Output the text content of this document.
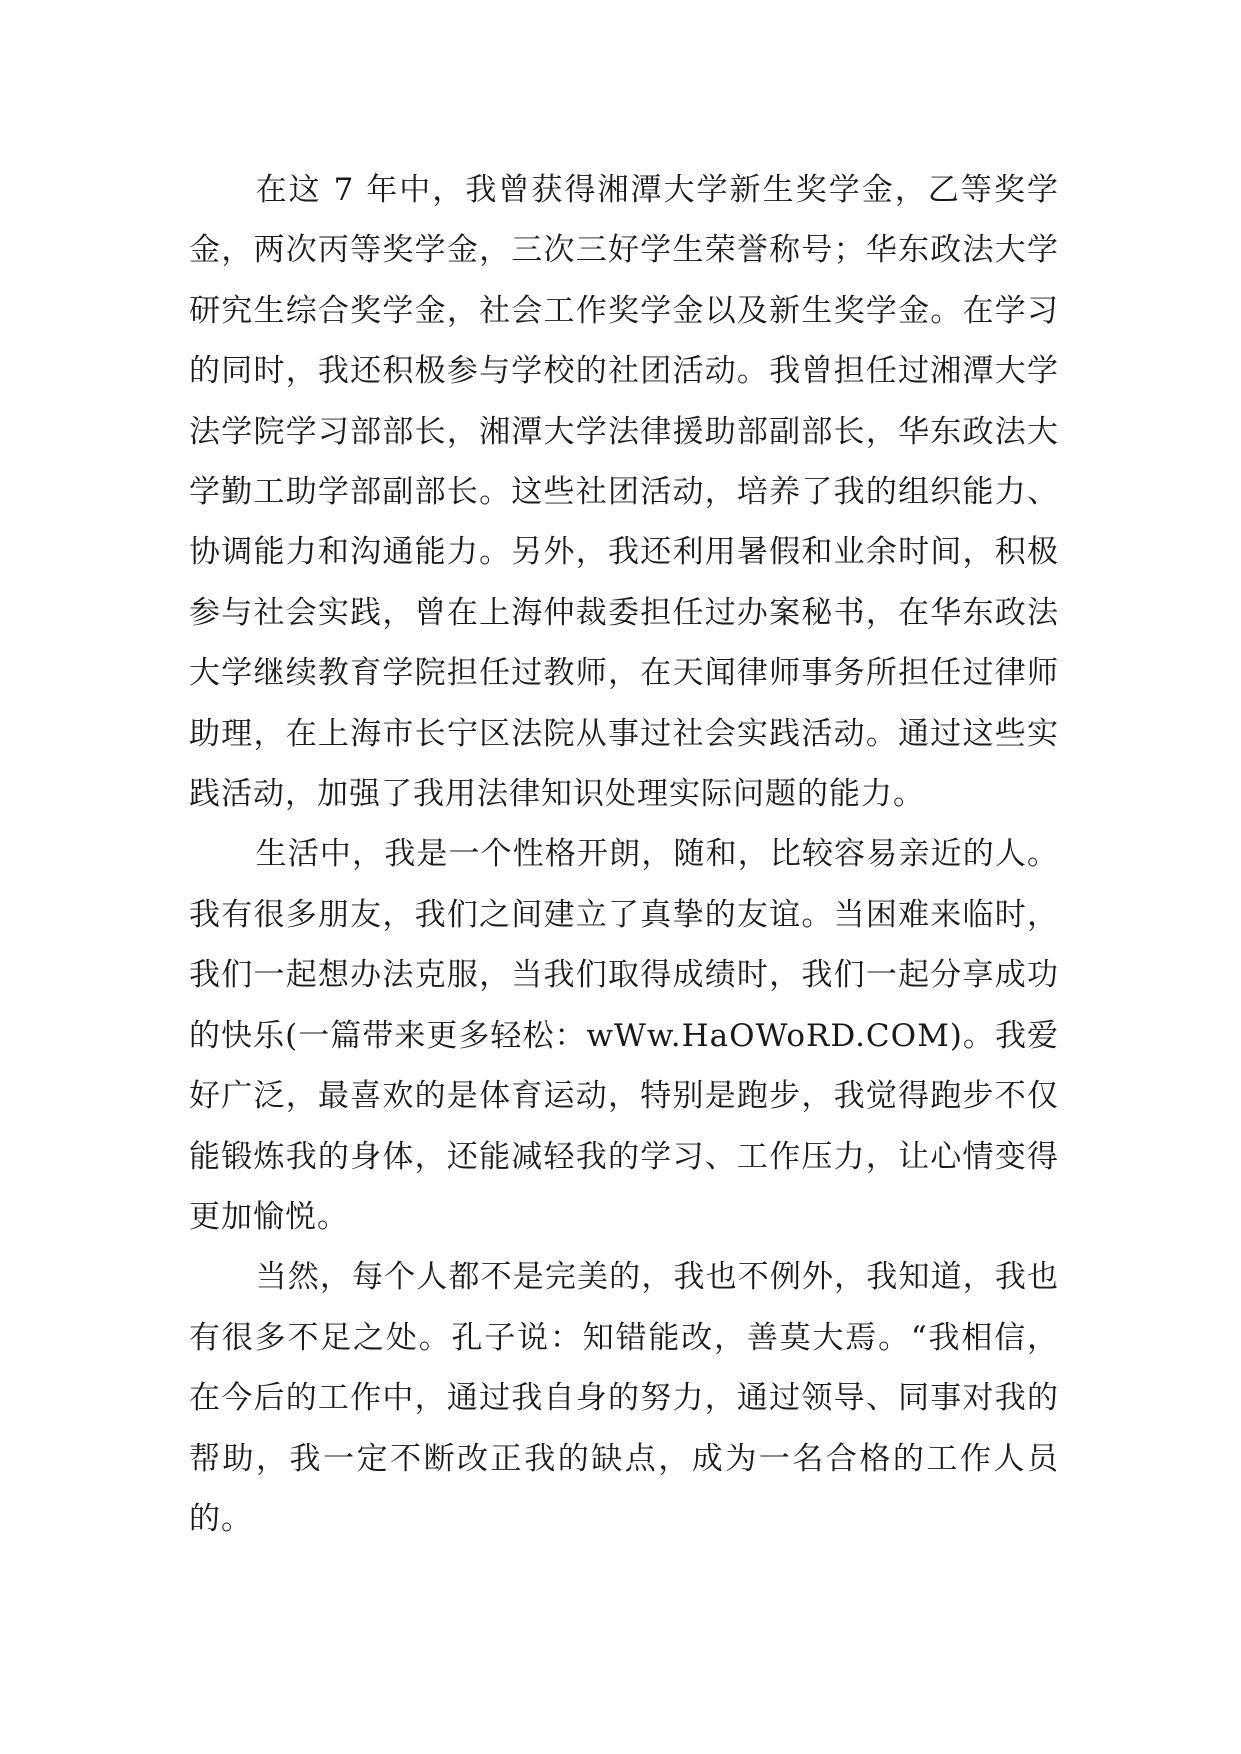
在这 7 年中，我曾获得湘潭大学新生奖学金，乙等奖学金，两次丙等奖学金，三次三好学生荣誉称号；华东政法大学研究生综合奖学金，社会工作奖学金以及新生奖学金。在学习的同时，我还积极参与学校的社团活动。我曾担任过湘潭大学法学院学习部部长，湘潭大学法律援助部副部长，华东政法大学勤工助学部副部长。这些社团活动，培养了我的组织能力、协调能力和沟通能力。另外，我还利用暑假和业余时间，积极参与社会实践，曾在上海仲裁委担任过办案秘书，在华东政法大学继续教育学院担任过教师，在天闻律师事务所担任过律师助理，在上海市长宁区法院从事过社会实践活动。通过这些实践活动，加强了我用法律知识处理实际问题的能力。

生活中，我是一个性格开朗，随和，比较容易亲近的人。我有很多朋友，我们之间建立了真挚的友谊。当困难来临时，我们一起想办法克服，当我们取得成绩时，我们一起分享成功的快乐(一篇带来更多轻松：wWw.HaOWoRD.COM)。我爱好广泛，最喜欢的是体育运动，特别是跑步，我觉得跑步不仅能锻炼我的身体，还能减轻我的学习、工作压力，让心情变得更加愉悦。

当然，每个人都不是完美的，我也不例外，我知道，我也有很多不足之处。孔子说：知错能改，善莫大焉。“我相信，在今后的工作中，通过我自身的努力，通过领导、同事对我的帮助，我一定不断改正我的缺点，成为一名合格的工作人员的。
